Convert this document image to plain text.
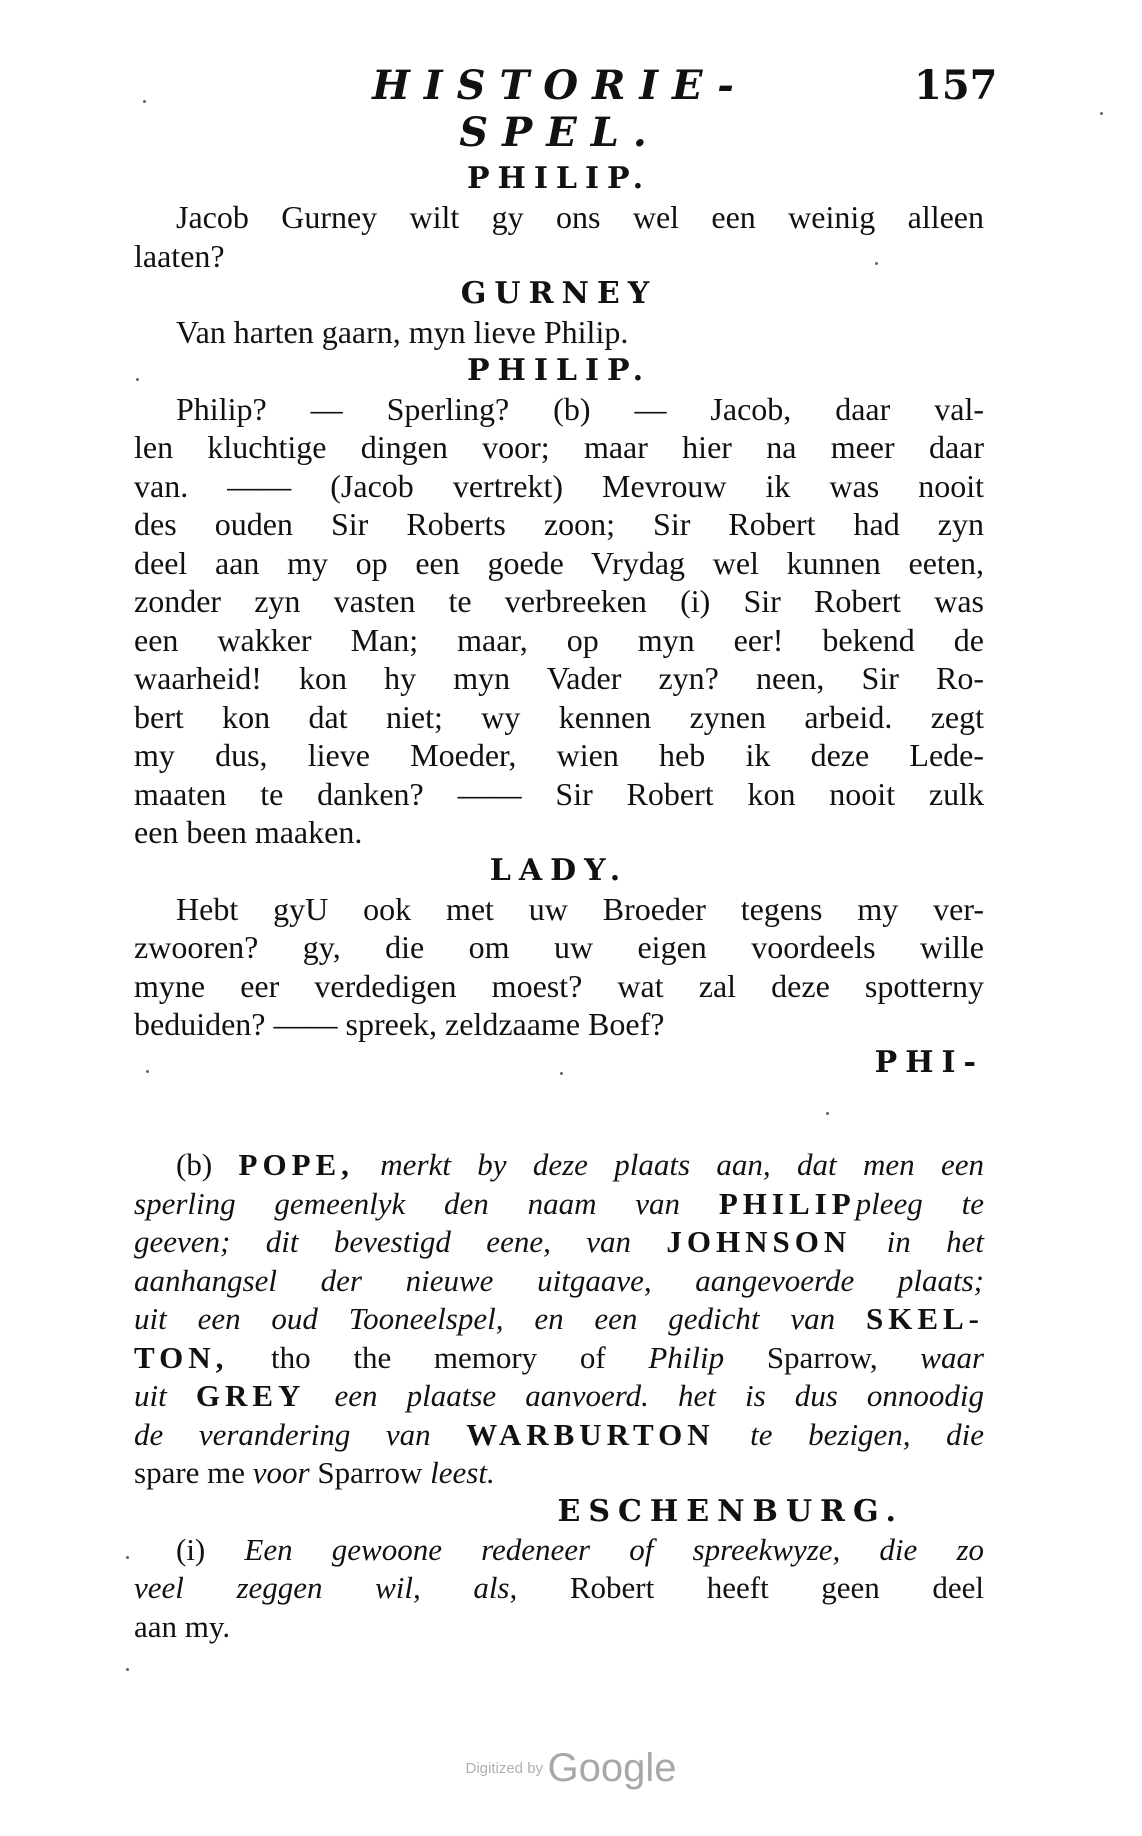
HISTORIE-SPEL.
157
PHILIP.
Jacob Gurney wilt gy ons wel een weinig alleen
laaten?
GURNEY
Van harten gaarn, myn lieve Philip.
PHILIP.
Philip? — Sperling? (b) — Jacob, daar val-
len kluchtige dingen voor; maar hier na meer daar
van. —— (Jacob vertrekt) Mevrouw ik was nooit
des ouden Sir Roberts zoon; Sir Robert had zyn
deel aan my op een goede Vrydag wel kunnen eeten,
zonder zyn vasten te verbreeken (i) Sir Robert was
een wakker Man; maar, op myn eer! bekend de
waarheid! kon hy myn Vader zyn? neen, Sir Ro-
bert kon dat niet; wy kennen zynen arbeid. zegt
my dus, lieve Moeder, wien heb ik deze Lede-
maaten te danken? —— Sir Robert kon nooit zulk
een been maaken.
LADY.
Hebt gyU ook met uw Broeder tegens my ver-
zwooren? gy, die om uw eigen voordeels wille
myne eer verdedigen moest? wat zal deze spotterny
beduiden? —— spreek, zeldzaame Boef?
PHI-
(b) POPE, merkt by deze plaats aan, dat men een
sperling gemeenlyk den naam van PHILIPpleeg te
geeven; dit bevestigd eene, van JOHNSON in het
aanhangsel der nieuwe uitgaave, aangevoerde plaats;
uit een oud Tooneelspel, en een gedicht van SKEL-
TON, tho the memory of Philip Sparrow, waar
uit GREY een plaatse aanvoerd. het is dus onnoodig
de verandering van WARBURTON te bezigen, die
spare me voor Sparrow leest.
ESCHENBURG.
(i) Een gewoone redeneer of spreekwyze, die zo
veel zeggen wil, als, Robert heeft geen deel
aan my.
Digitized by Google
